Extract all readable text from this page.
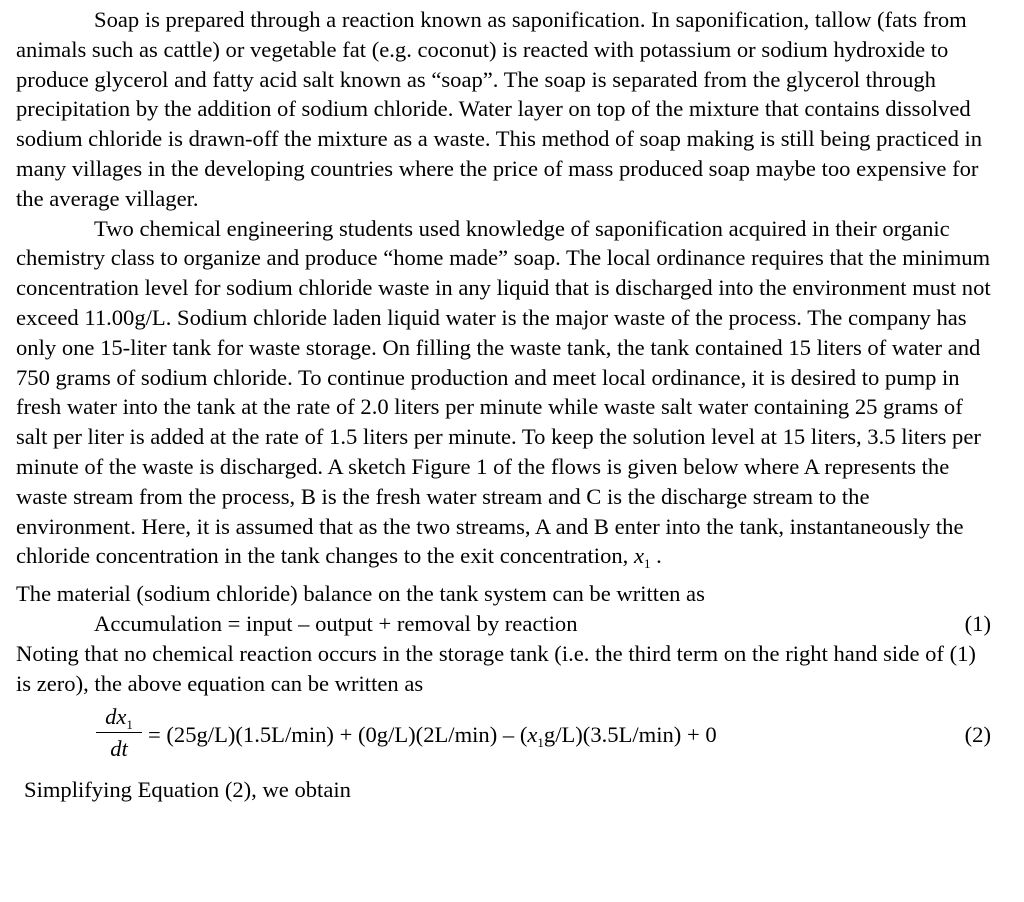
Soap is prepared through a reaction known as saponification. In saponification, tallow (fats from animals such as cattle) or vegetable fat (e.g. coconut) is reacted with potassium or sodium hydroxide to produce glycerol and fatty acid salt known as “soap”. The soap is separated from the glycerol through precipitation by the addition of sodium chloride. Water layer on top of the mixture that contains dissolved sodium chloride is drawn-off the mixture as a waste. This method of soap making is still being practiced in many villages in the developing countries where the price of mass produced soap maybe too expensive for the average villager.

Two chemical engineering students used knowledge of saponification acquired in their organic chemistry class to organize and produce “home made” soap. The local ordinance requires that the minimum concentration level for sodium chloride waste in any liquid that is discharged into the environment must not exceed 11.00g/L. Sodium chloride laden liquid water is the major waste of the process. The company has only one 15-liter tank for waste storage. On filling the waste tank, the tank contained 15 liters of water and 750 grams of sodium chloride. To continue production and meet local ordinance, it is desired to pump in fresh water into the tank at the rate of 2.0 liters per minute while waste salt water containing 25 grams of salt per liter is added at the rate of 1.5 liters per minute. To keep the solution level at 15 liters, 3.5 liters per minute of the waste is discharged. A sketch Figure 1 of the flows is given below where A represents the waste stream from the process, B is the fresh water stream and C is the discharge stream to the environment. Here, it is assumed that as the two streams, A and B enter into the tank, instantaneously the chloride concentration in the tank changes to the exit concentration, $x_1$ .

The material (sodium chloride) balance on the tank system can be written as

Accumulation = input – output + removal by reaction	(1)

Noting that no chemical reaction occurs in the storage tank (i.e. the third term on the right hand side of (1) is zero), the above equation can be written as

$dx_1$
dt
= $(25g/L)(1.5L/\min) + (0g/L)(2L/\min) - (x_1g/L)(3.5L/\min) + 0$	(2)

Simplifying Equation (2), we obtain
